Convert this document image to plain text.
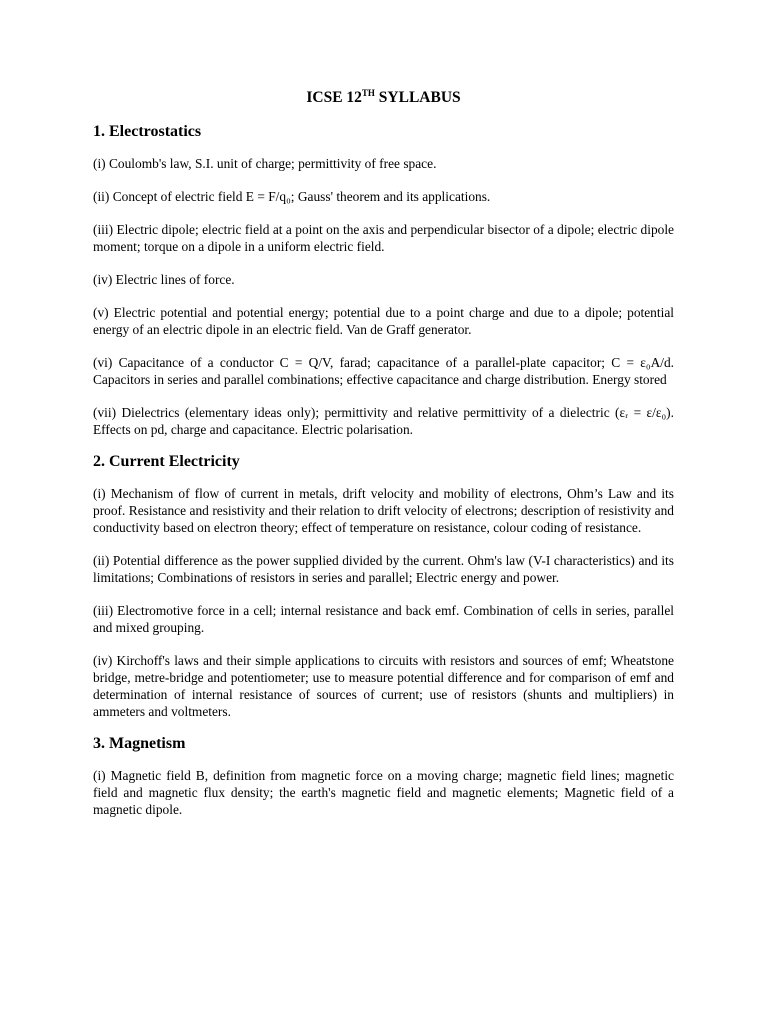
ICSE 12TH SYLLABUS
1. Electrostatics

(i) Coulomb's law, S.I. unit of charge; permittivity of free space.

(ii) Concept of electric field E = F/q₀; Gauss' theorem and its applications.

(iii) Electric dipole; electric field at a point on the axis and perpendicular bisector of a dipole; electric dipole moment; torque on a dipole in a uniform electric field.

(iv) Electric lines of force.

(v) Electric potential and potential energy; potential due to a point charge and due to a dipole; potential energy of an electric dipole in an electric field. Van de Graff generator.

(vi) Capacitance of a conductor C = Q/V, farad; capacitance of a parallel-plate capacitor; C = ε₀A/d. Capacitors in series and parallel combinations; effective capacitance and charge distribution. Energy stored

(vii) Dielectrics (elementary ideas only); permittivity and relative permittivity of a dielectric (εᵣ = ε/ε₀). Effects on pd, charge and capacitance. Electric polarisation.

2. Current Electricity

(i) Mechanism of flow of current in metals, drift velocity and mobility of electrons, Ohm’s Law and its proof. Resistance and resistivity and their relation to drift velocity of electrons; description of resistivity and conductivity based on electron theory; effect of temperature on resistance, colour coding of resistance.

(ii) Potential difference as the power supplied divided by the current. Ohm's law (V-I characteristics) and its limitations; Combinations of resistors in series and parallel; Electric energy and power.

(iii) Electromotive force in a cell; internal resistance and back emf. Combination of cells in series, parallel and mixed grouping.

(iv) Kirchoff's laws and their simple applications to circuits with resistors and sources of emf; Wheatstone bridge, metre-bridge and potentiometer; use to measure potential difference and for comparison of emf and determination of internal resistance of sources of current; use of resistors (shunts and multipliers) in ammeters and voltmeters.

3. Magnetism

(i) Magnetic field B, definition from magnetic force on a moving charge; magnetic field lines; magnetic field and magnetic flux density; the earth's magnetic field and magnetic elements; Magnetic field of a magnetic dipole.
